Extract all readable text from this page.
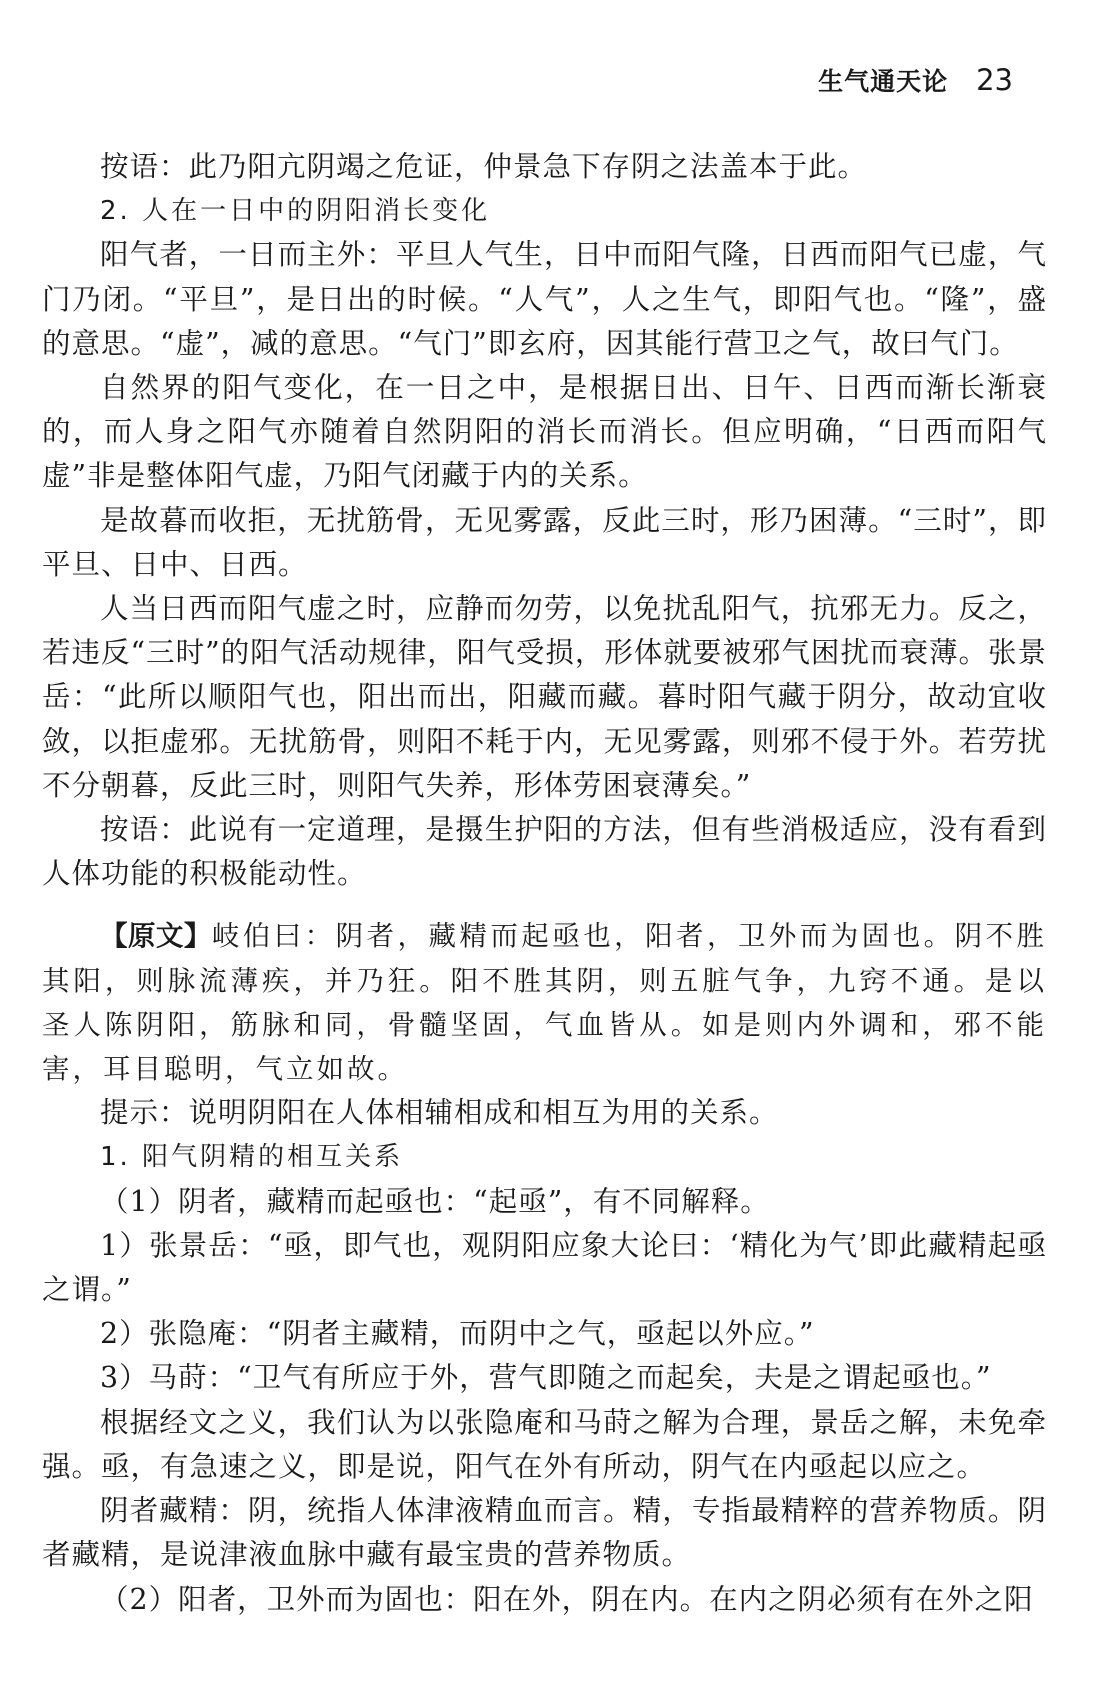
生气通天论 23

按语：此乃阳亢阴竭之危证，仲景急下存阴之法盖本于此。

2. 人在一日中的阴阳消长变化

阳气者，一日而主外：平旦人气生，日中而阳气隆，日西而阳气已虚，气门乃闭。“平旦”，是日出的时候。“人气”，人之生气，即阳气也。“隆”，盛的意思。“虚”，减的意思。“气门”即玄府，因其能行营卫之气，故曰气门。

自然界的阳气变化，在一日之中，是根据日出、日午、日西而渐长渐衰的，而人身之阳气亦随着自然阴阳的消长而消长。但应明确，“日西而阳气虚”非是整体阳气虚，乃阳气闭藏于内的关系。

是故暮而收拒，无扰筋骨，无见雾露，反此三时，形乃困薄。“三时”，即平旦、日中、日西。

人当日西而阳气虚之时，应静而勿劳，以免扰乱阳气，抗邪无力。反之，若违反“三时”的阳气活动规律，阳气受损，形体就要被邪气困扰而衰薄。张景岳：“此所以顺阳气也，阳出而出，阳藏而藏。暮时阳气藏于阴分，故动宜收敛，以拒虚邪。无扰筋骨，则阳不耗于内，无见雾露，则邪不侵于外。若劳扰不分朝暮，反此三时，则阳气失养，形体劳困衰薄矣。”

按语：此说有一定道理，是摄生护阳的方法，但有些消极适应，没有看到人体功能的积极能动性。

【原文】岐伯曰：阴者，藏精而起亟也，阳者，卫外而为固也。阴不胜其阳，则脉流薄疾，并乃狂。阳不胜其阴，则五脏气争，九窍不通。是以圣人陈阴阳，筋脉和同，骨髓坚固，气血皆从。如是则内外调和，邪不能害，耳目聪明，气立如故。

提示：说明阴阳在人体相辅相成和相互为用的关系。

1. 阳气阴精的相互关系

（1）阴者，藏精而起亟也：“起亟”，有不同解释。

1）张景岳：“亟，即气也，观阴阳应象大论曰：‘精化为气’即此藏精起亟之谓。”

2）张隐庵：“阴者主藏精，而阴中之气，亟起以外应。”

3）马莳：“卫气有所应于外，营气即随之而起矣，夫是之谓起亟也。”

根据经文之义，我们认为以张隐庵和马莳之解为合理，景岳之解，未免牵强。亟，有急速之义，即是说，阳气在外有所动，阴气在内亟起以应之。

阴者藏精：阴，统指人体津液精血而言。精，专指最精粹的营养物质。阴者藏精，是说津液血脉中藏有最宝贵的营养物质。

（2）阳者，卫外而为固也：阳在外，阴在内。在内之阴必须有在外之阳
